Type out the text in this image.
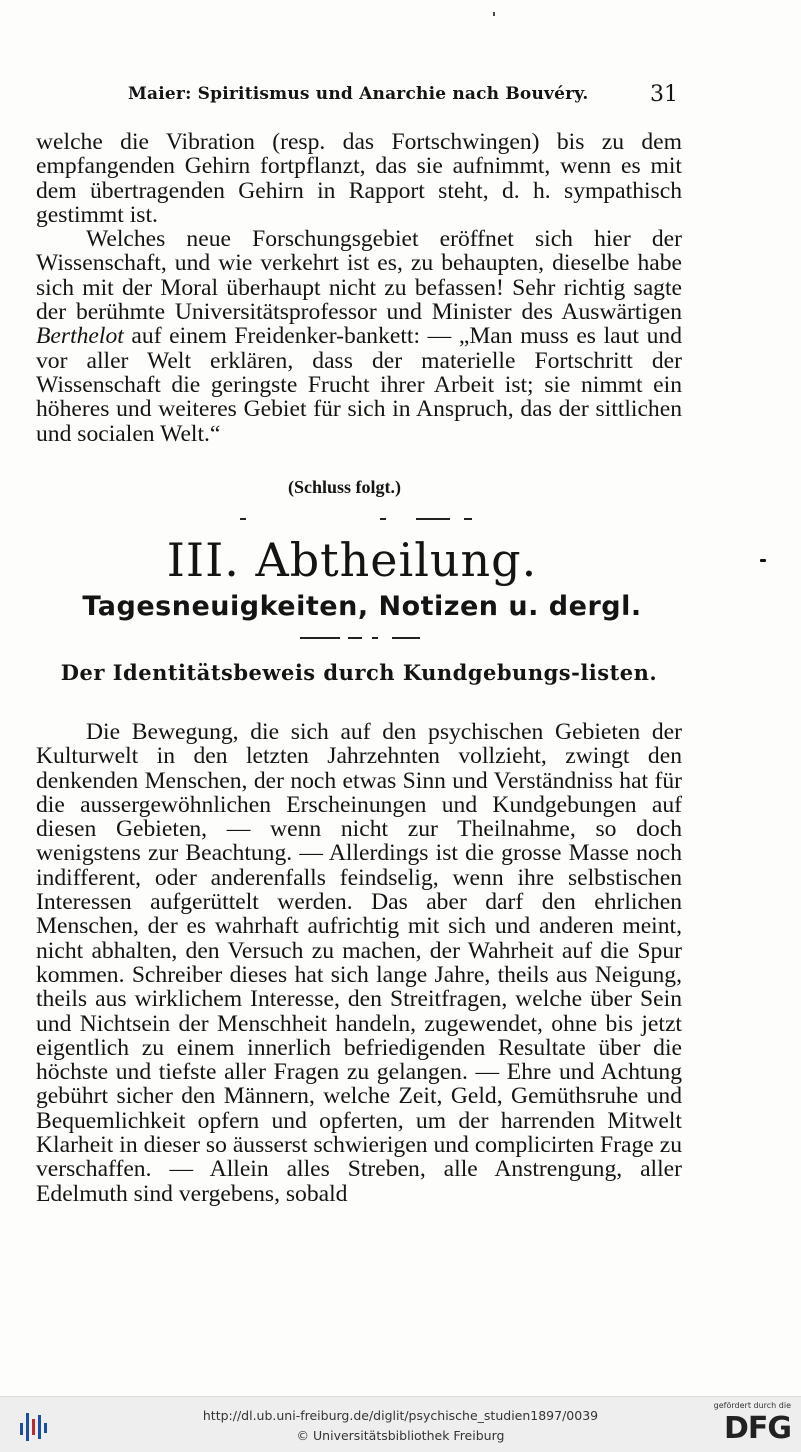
Maier: Spiritismus und Anarchie nach Bouvéry.	31

welche die Vibration (resp. das Fortschwingen) bis zu dem empfangenden Gehirn fortpflanzt, das sie aufnimmt, wenn es mit dem übertragenden Gehirn in Rapport steht, d. h. sympathisch gestimmt ist.

Welches neue Forschungsgebiet eröffnet sich hier der Wissenschaft, und wie verkehrt ist es, zu behaupten, dieselbe habe sich mit der Moral überhaupt nicht zu befassen! Sehr richtig sagte der berühmte Universitätsprofessor und Minister des Auswärtigen Berthelot auf einem Freidenker-bankett: — „Man muss es laut und vor aller Welt erklären, dass der materielle Fortschritt der Wissenschaft die geringste Frucht ihrer Arbeit ist; sie nimmt ein höheres und weiteres Gebiet für sich in Anspruch, das der sittlichen und socialen Welt.“

(Schluss folgt.)
III. Abtheilung.
Tagesneuigkeiten, Notizen u. dergl.
Der Identitätsbeweis durch Kundgebungs-listen.

Die Bewegung, die sich auf den psychischen Gebieten der Kulturwelt in den letzten Jahrzehnten vollzieht, zwingt den denkenden Menschen, der noch etwas Sinn und Verständniss hat für die aussergewöhnlichen Erscheinungen und Kundgebungen auf diesen Gebieten, — wenn nicht zur Theilnahme, so doch wenigstens zur Beachtung. — Allerdings ist die grosse Masse noch indifferent, oder anderenfalls feindselig, wenn ihre selbstischen Interessen aufgerüttelt werden. Das aber darf den ehrlichen Menschen, der es wahrhaft aufrichtig mit sich und anderen meint, nicht abhalten, den Versuch zu machen, der Wahrheit auf die Spur kommen. Schreiber dieses hat sich lange Jahre, theils aus Neigung, theils aus wirklichem Interesse, den Streitfragen, welche über Sein und Nichtsein der Menschheit handeln, zugewendet, ohne bis jetzt eigentlich zu einem innerlich befriedigenden Resultate über die höchste und tiefste aller Fragen zu gelangen. — Ehre und Achtung gebührt sicher den Männern, welche Zeit, Geld, Gemüthsruhe und Bequemlichkeit opfern und opferten, um der harrenden Mitwelt Klarheit in dieser so äusserst schwierigen und complicirten Frage zu verschaffen. — Allein alles Streben, alle Anstrengung, aller Edelmuth sind vergebens, sobald

http://dl.ub.uni-freiburg.de/diglit/psychische_studien1897/0039
© Universitätsbibliothek Freiburg
gefördert durch die
DFG
